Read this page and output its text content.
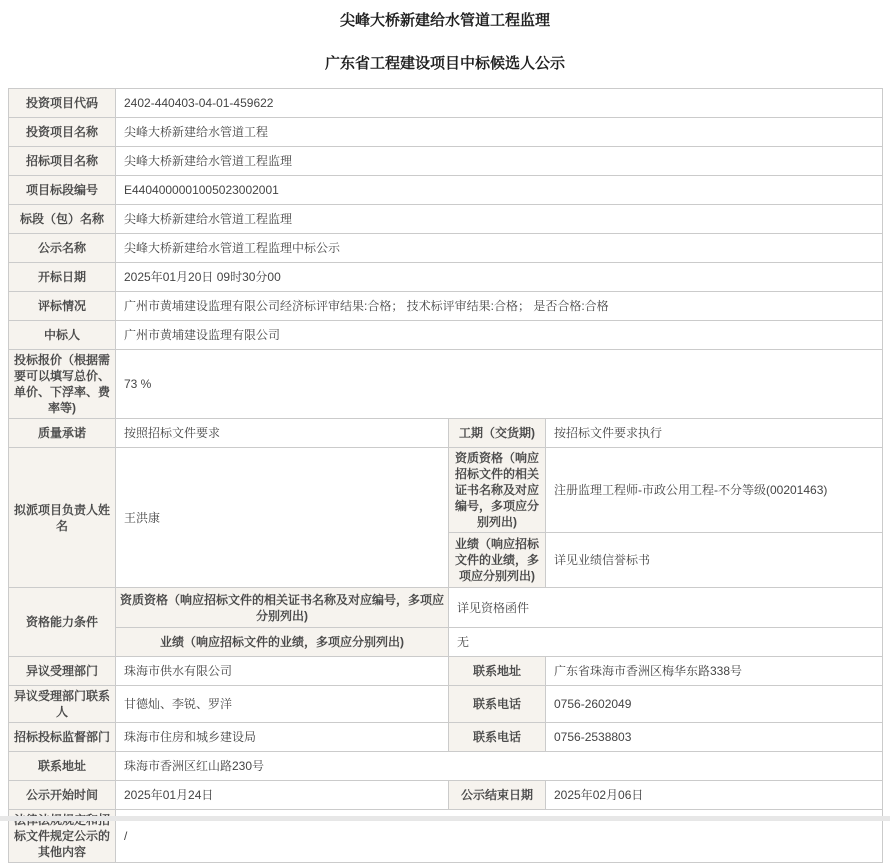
尖峰大桥新建给水管道工程监理
广东省工程建设项目中标候选人公示
投资项目代码	2402-440403-04-01-459622		
投资项目名称	尖峰大桥新建给水管道工程		
招标项目名称	尖峰大桥新建给水管道工程监理		
项目标段编号	E4404000001005023002001		
标段（包）名称	尖峰大桥新建给水管道工程监理		
公示名称	尖峰大桥新建给水管道工程监理中标公示		
开标日期	2025年01月20日 09时30分00		
评标情况	广州市黄埔建设监理有限公司经济标评审结果:合格； 技术标评审结果:合格； 是否合格:合格		
中标人	广州市黄埔建设监理有限公司		
投标报价（根据需要可以填写总价、单价、下浮率、费率等)	73 %		
质量承诺	按照招标文件要求	工期（交货期)	按招标文件要求执行
拟派项目负责人姓名	王洪康	资质资格（响应招标文件的相关证书名称及对应编号，多项应分别列出)	注册监理工程师-市政公用工程-不分等级(00201463)
		业绩（响应招标文件的业绩，多项应分别列出)	详见业绩信誉标书
资格能力条件	资质资格（响应招标文件的相关证书名称及对应编号，多项应分别列出)	详见资格函件	
	业绩（响应招标文件的业绩，多项应分别列出)	无	
异议受理部门	珠海市供水有限公司	联系地址	广东省珠海市香洲区梅华东路338号
异议受理部门联系人	甘德灿、李锐、罗洋	联系电话	0756-2602049
招标投标监督部门	珠海市住房和城乡建设局	联系电话	0756-2538803
联系地址	珠海市香洲区红山路230号		
公示开始时间	2025年01月24日	公示结束日期	2025年02月06日
标文件规定公示的其他内容	/		
